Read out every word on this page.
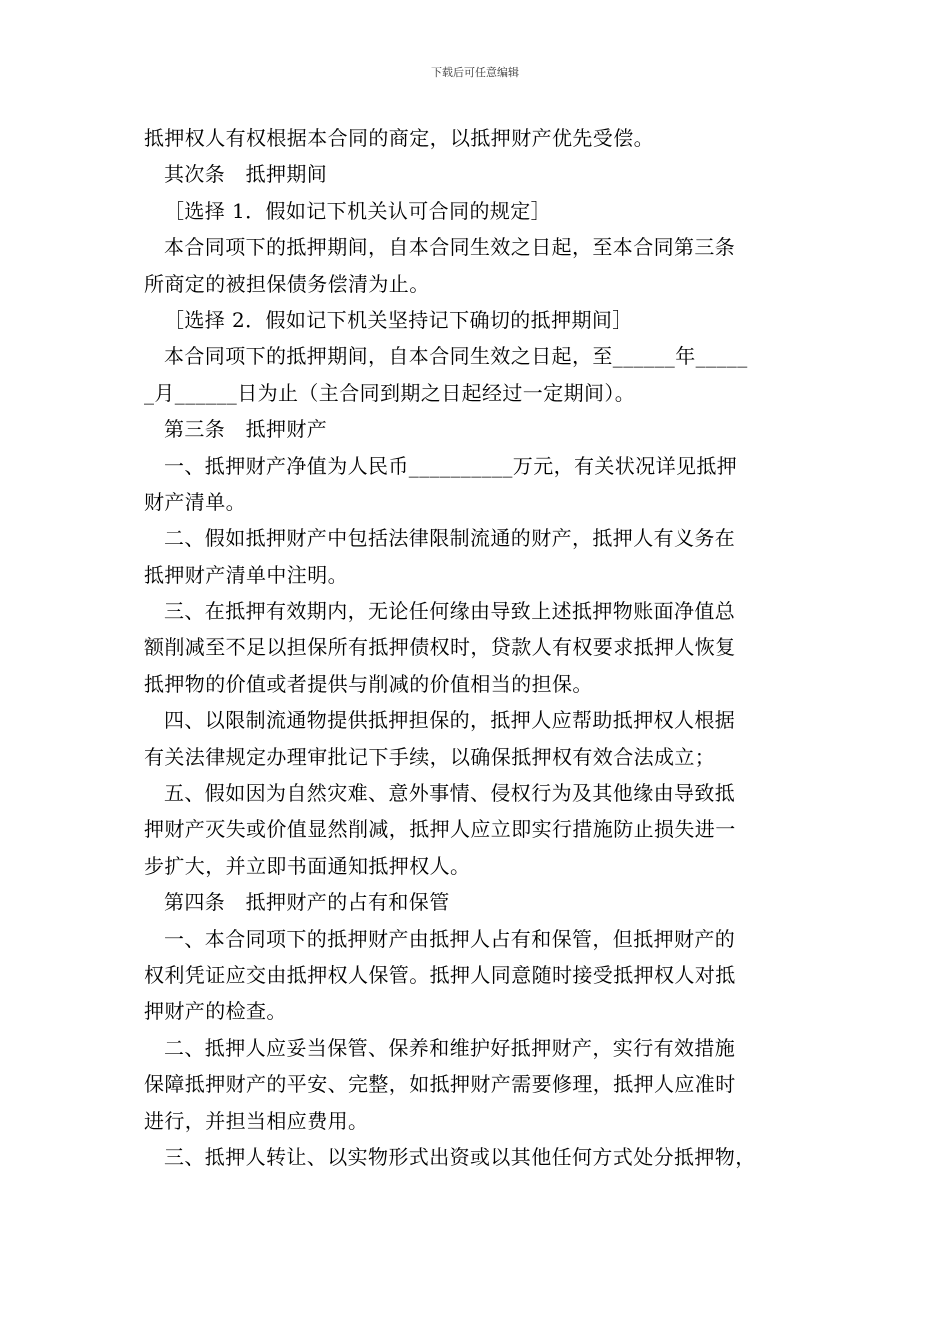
下载后可任意编辑
抵押权人有权根据本合同的商定，以抵押财产优先受偿。
其次条　抵押期间
［选择 1．假如记下机关认可合同的规定］
本合同项下的抵押期间，自本合同生效之日起，至本合同第三条
所商定的被担保债务偿清为止。
［选择 2．假如记下机关坚持记下确切的抵押期间］
本合同项下的抵押期间，自本合同生效之日起，至______年_____
_月______日为止（主合同到期之日起经过一定期间）。
第三条　抵押财产
一、抵押财产净值为人民币__________万元，有关状况详见抵押
财产清单。
二、假如抵押财产中包括法律限制流通的财产，抵押人有义务在
抵押财产清单中注明。
三、在抵押有效期内，无论任何缘由导致上述抵押物账面净值总
额削减至不足以担保所有抵押债权时，贷款人有权要求抵押人恢复
抵押物的价值或者提供与削减的价值相当的担保。
四、以限制流通物提供抵押担保的，抵押人应帮助抵押权人根据
有关法律规定办理审批记下手续，以确保抵押权有效合法成立；
五、假如因为自然灾难、意外事情、侵权行为及其他缘由导致抵
押财产灭失或价值显然削减，抵押人应立即实行措施防止损失进一
步扩大，并立即书面通知抵押权人。
第四条　抵押财产的占有和保管
一、本合同项下的抵押财产由抵押人占有和保管，但抵押财产的
权利凭证应交由抵押权人保管。抵押人同意随时接受抵押权人对抵
押财产的检查。
二、抵押人应妥当保管、保养和维护好抵押财产，实行有效措施
保障抵押财产的平安、完整，如抵押财产需要修理，抵押人应准时
进行，并担当相应费用。
三、抵押人转让、以实物形式出资或以其他任何方式处分抵押物，
